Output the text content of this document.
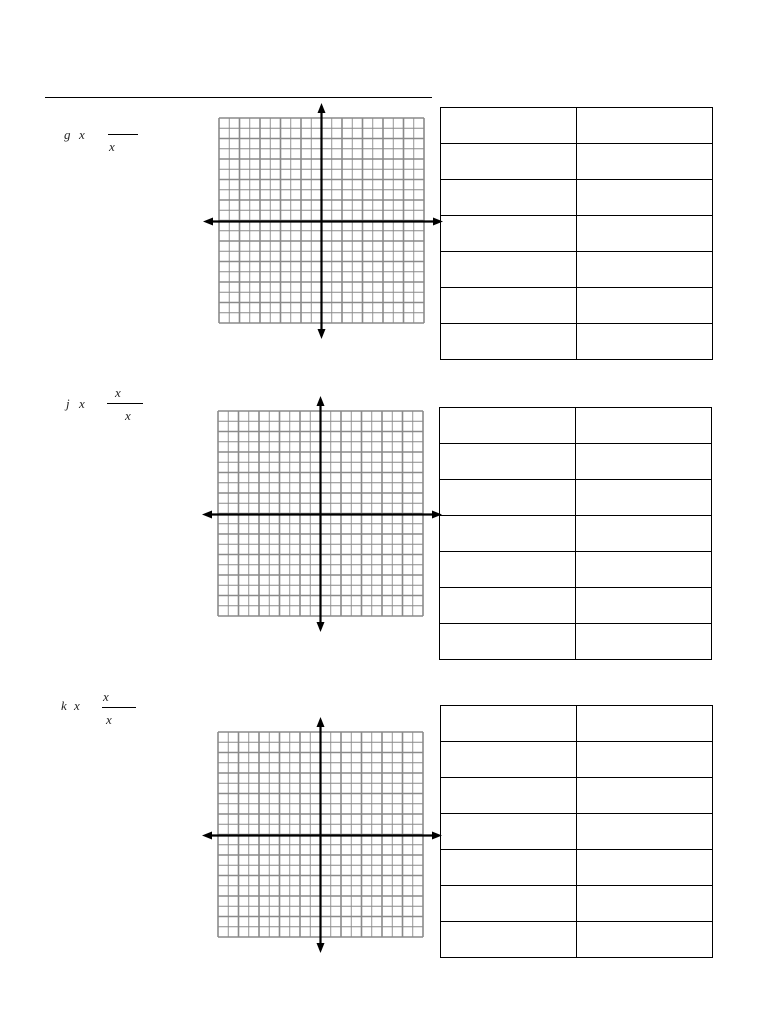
g x
x

j x
x
x

k x
x
x
